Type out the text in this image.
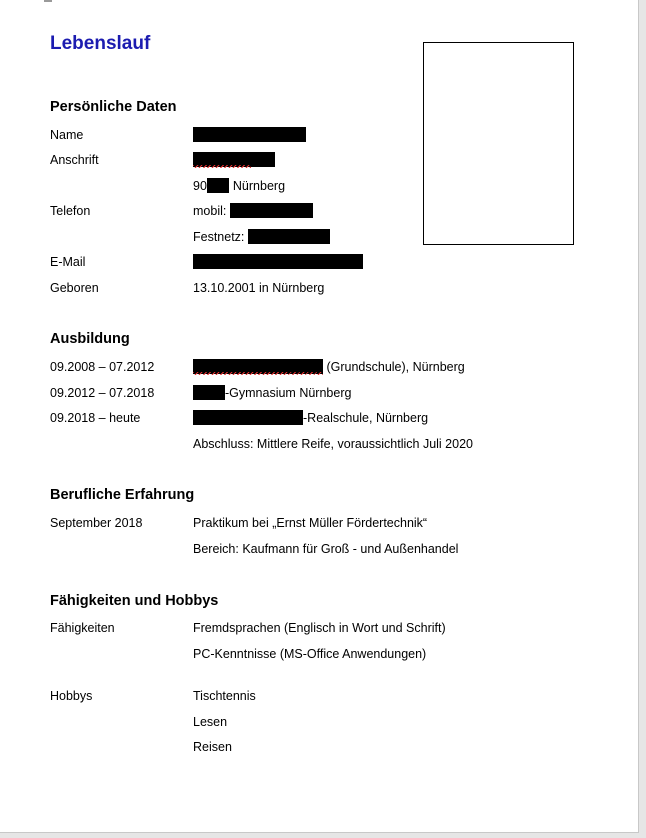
Lebenslauf
Persönliche Daten
Name
Anschrift
90 Nürnberg
Telefon	mobil:
Festnetz:
E-Mail
Geboren	13.10.2001 in Nürnberg
Ausbildung
09.2008 – 07.2012	(Grundschule), Nürnberg
09.2012 – 07.2018	-Gymnasium Nürnberg
09.2018 – heute	-Realschule, Nürnberg
Abschluss: Mittlere Reife, voraussichtlich Juli 2020
Berufliche Erfahrung
September 2018	Praktikum bei „Ernst Müller Fördertechnik“
Bereich: Kaufmann für Groß - und Außenhandel
Fähigkeiten und Hobbys
Fähigkeiten	Fremdsprachen (Englisch in Wort und Schrift)
PC-Kenntnisse (MS-Office Anwendungen)
Hobbys	Tischtennis
Lesen
Reisen
